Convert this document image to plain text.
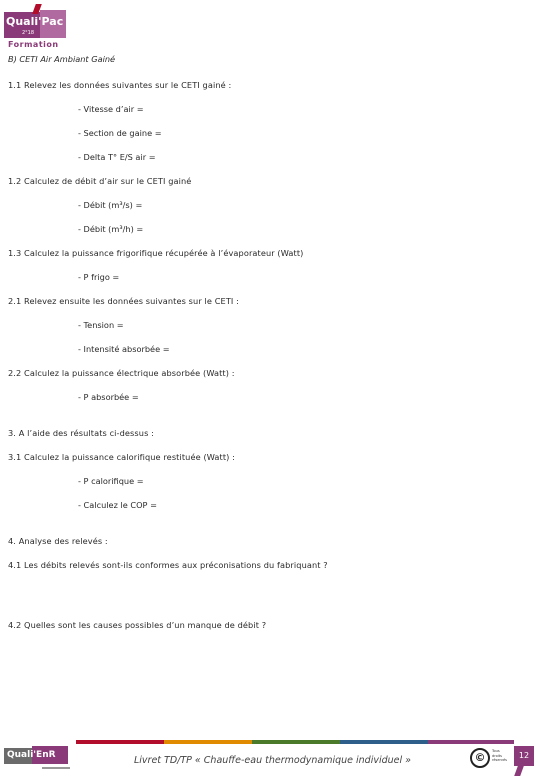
Quali'Pac
2°18
Formation
B) CETI Air Ambiant Gainé
1.1 Relevez les données suivantes sur le CETI gainé :
- Vitesse d’air =
- Section de gaine =
- Delta T° E/S air =
1.2 Calculez de débit d’air sur le CETI gainé
- Débit (m³/s) =
- Débit (m³/h) =
1.3 Calculez la puissance frigorifique récupérée à l’évaporateur (Watt)
- P frigo =
2.1 Relevez ensuite les données suivantes sur le CETI :
- Tension =
- Intensité absorbée =
2.2 Calculez la puissance électrique absorbée (Watt) :
- P absorbée =
3. A l’aide des résultats ci-dessus :
3.1 Calculez la puissance calorifique restituée (Watt) :
- P calorifique =
- Calculez le COP =
4. Analyse des relevés :
4.1 Les débits relevés sont-ils conformes aux préconisations du fabriquant ?
4.2 Quelles sont les causes possibles d’un manque de débit ?
Quali'EnR	Livret TD/TP « Chauffe-eau thermodynamique individuel »	©	Tous
droits
réservés	12
